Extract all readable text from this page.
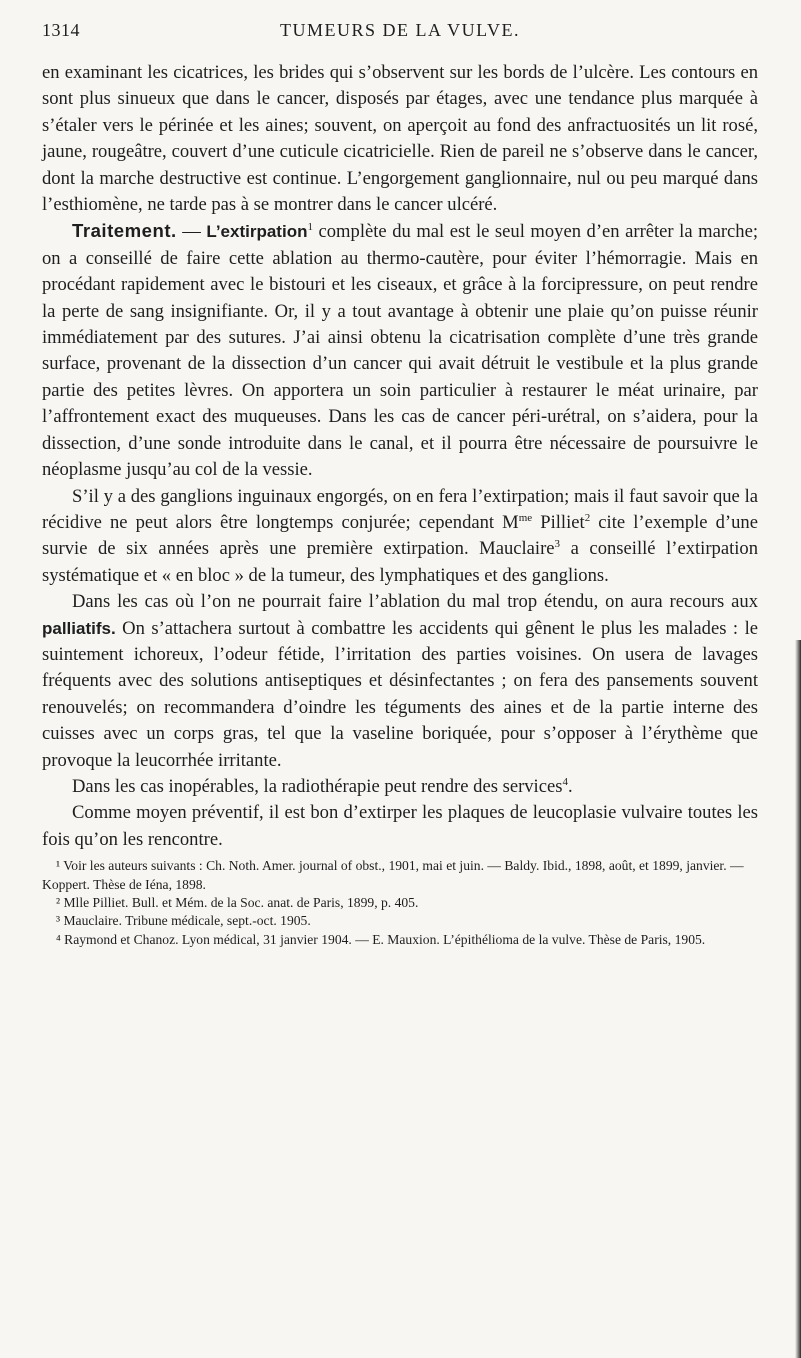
1314	TUMEURS DE LA VULVE.

en examinant les cicatrices, les brides qui s’observent sur les bords de l’ulcère. Les contours en sont plus sinueux que dans le cancer, disposés par étages, avec une tendance plus marquée à s’étaler vers le périnée et les aines; souvent, on aperçoit au fond des anfractuosités un lit rosé, jaune, rougeâtre, couvert d’une cuticule cicatricielle. Rien de pareil ne s’observe dans le cancer, dont la marche destructive est continue. L’engorgement ganglionnaire, nul ou peu marqué dans l’esthiomène, ne tarde pas à se montrer dans le cancer ulcéré.

Traitement. — L’extirpation$^1$ complète du mal est le seul moyen d’en arrêter la marche; on a conseillé de faire cette ablation au thermo-cautère, pour éviter l’hémorragie. Mais en procédant rapidement avec le bistouri et les ciseaux, et grâce à la forcipressure, on peut rendre la perte de sang insignifiante. Or, il y a tout avantage à obtenir une plaie qu’on puisse réunir immédiatement par des sutures. J’ai ainsi obtenu la cicatrisation complète d’une très grande surface, provenant de la dissection d’un cancer qui avait détruit le vestibule et la plus grande partie des petites lèvres. On apportera un soin particulier à restaurer le méat urinaire, par l’affrontement exact des muqueuses. Dans les cas de cancer péri-urétral, on s’aidera, pour la dissection, d’une sonde introduite dans le canal, et il pourra être nécessaire de poursuivre le néoplasme jusqu’au col de la vessie.

S’il y a des ganglions inguinaux engorgés, on en fera l’extirpation; mais il faut savoir que la récidive ne peut alors être longtemps conjurée; cependant $M^{me}$ Pilliet$^2$ cite l’exemple d’une survie de six années après une première extirpation. Mauclaire$^3$ a conseillé l’extirpation systématique et « en bloc » de la tumeur, des lymphatiques et des ganglions.

Dans les cas où l’on ne pourrait faire l’ablation du mal trop étendu, on aura recours aux palliatifs. On s’attachera surtout à combattre les accidents qui gênent le plus les malades : le suintement ichoreux, l’odeur fétide, l’irritation des parties voisines. On usera de lavages fréquents avec des solutions antiseptiques et désinfectantes ; on fera des pansements souvent renouvelés; on recommandera d’oindre les téguments des aines et de la partie interne des cuisses avec un corps gras, tel que la vaseline boriquée, pour s’opposer à l’érythème que provoque la leucorrhée irritante.

Dans les cas inopérables, la radiothérapie peut rendre des services$^4$.

Comme moyen préventif, il est bon d’extirper les plaques de leucoplasie vulvaire toutes les fois qu’on les rencontre.

¹ Voir les auteurs suivants : Ch. Noth. Amer. journal of obst., 1901, mai et juin. — Baldy. Ibid., 1898, août, et 1899, janvier. — Koppert. Thèse de Iéna, 1898.

² Mlle Pilliet. Bull. et Mém. de la Soc. anat. de Paris, 1899, p. 405.

³ Mauclaire. Tribune médicale, sept.-oct. 1905.

⁴ Raymond et Chanoz. Lyon médical, 31 janvier 1904. — E. Mauxion. L’épithélioma de la vulve. Thèse de Paris, 1905.
